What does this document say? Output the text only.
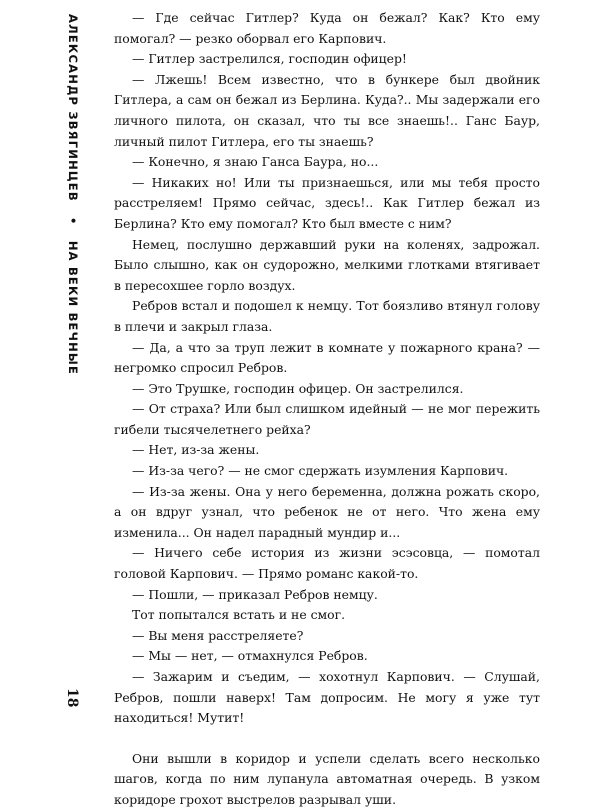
АЛЕКСАНДР ЗВЯГИНЦЕВ • НА ВЕКИ ВЕЧНЫЕ
18

— Где сейчас Гитлер? Куда он бежал? Как? Кто ему помогал? — резко оборвал его Карпович.

— Гитлер застрелился, господин офицер!

— Лжешь! Всем известно, что в бункере был двойник Гитлера, а сам он бежал из Берлина. Куда?.. Мы задержали его личного пилота, он сказал, что ты все знаешь!.. Ганс Баур, личный пилот Гитлера, его ты знаешь?

— Конечно, я знаю Ганса Баура, но...

— Никаких но! Или ты признаешься, или мы тебя просто расстреляем! Прямо сейчас, здесь!.. Как Гитлер бежал из Берлина? Кто ему помогал? Кто был вместе с ним?

Немец, послушно державший руки на коленях, задрожал. Было слышно, как он судорожно, мелкими глотками втягивает в пересохшее горло воздух.

Ребров встал и подошел к немцу. Тот боязливо втянул голову в плечи и закрыл глаза.

— Да, а что за труп лежит в комнате у пожарного крана? — негромко спросил Ребров.

— Это Трушке, господин офицер. Он застрелился.

— От страха? Или был слишком идейный — не мог пережить гибели тысячелетнего рейха?

— Нет, из-за жены.

— Из-за чего? — не смог сдержать изумления Карпович.

— Из-за жены. Она у него беременна, должна рожать скоро, а он вдруг узнал, что ребенок не от него. Что жена ему изменила... Он надел парадный мундир и...

— Ничего себе история из жизни эсэсовца, — помотал головой Карпович. — Прямо романс какой-то.

— Пошли, — приказал Ребров немцу.

Тот попытался встать и не смог.

— Вы меня расстреляете?

— Мы — нет, — отмахнулся Ребров.

— Зажарим и съедим, — хохотнул Карпович. — Слушай, Ребров, пошли наверх! Там допросим. Не могу я уже тут находиться! Мутит!

Они вышли в коридор и успели сделать всего несколько шагов, когда по ним лупанула автоматная очередь. В узком коридоре грохот выстрелов разрывал уши.
